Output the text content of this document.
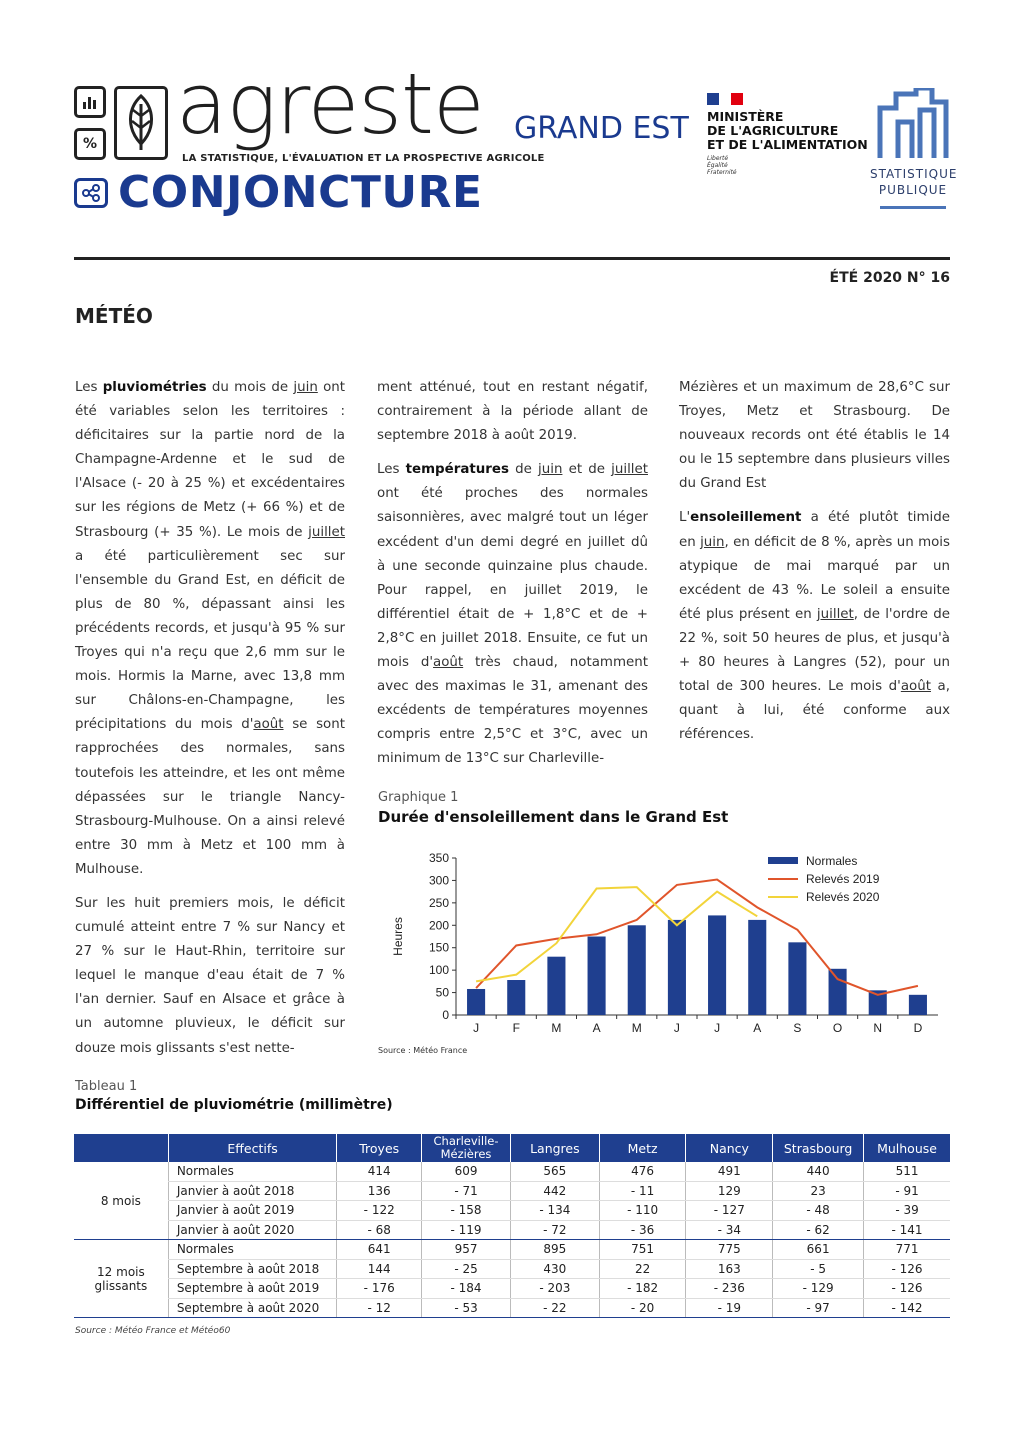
% agreste
LA STATISTIQUE, L'ÉVALUATION ET LA PROSPECTIVE AGRICOLE
CONJONCTURE
GRAND EST MINISTÈRE
DE L'AGRICULTURE
ET DE L'ALIMENTATION
Liberté
Égalité
Fraternité	STATISTIQUE
PUBLIQUE
ÉTÉ 2020 N° 16
MÉTÉO

Les pluviométries du mois de juin ont été variables selon les territoires : déficitaires sur la partie nord de la Champagne-Ardenne et le sud de l'Alsace (- 20 à 25 %) et excédentaires sur les régions de Metz (+ 66 %) et de Strasbourg (+ 35 %). Le mois de juillet a été particulièrement sec sur l'ensemble du Grand Est, en déficit de plus de 80 %, dépassant ainsi les précédents records, et jusqu'à 95 % sur Troyes qui n'a reçu que 2,6 mm sur le mois. Hormis la Marne, avec 13,8 mm sur Châlons-en-Champagne, les précipitations du mois d'août se sont rapprochées des normales, sans toutefois les atteindre, et les ont même dépassées sur le triangle Nancy-Strasbourg-Mulhouse. On a ainsi relevé entre 30 mm à Metz et 100 mm à Mulhouse.

Sur les huit premiers mois, le déficit cumulé atteint entre 7 % sur Nancy et 27 % sur le Haut-Rhin, territoire sur lequel le manque d'eau était de 7 % l'an dernier. Sauf en Alsace et grâce à un automne pluvieux, le déficit sur douze mois glissants s'est nette-

ment atténué, tout en restant négatif, contrairement à la période allant de septembre 2018 à août 2019.

Les températures de juin et de juillet ont été proches des normales saisonnières, avec malgré tout un léger excédent d'un demi degré en juillet dû à une seconde quinzaine plus chaude. Pour rappel, en juillet 2019, le différentiel était de + 1,8°C et de + 2,8°C en juillet 2018. Ensuite, ce fut un mois d'août très chaud, notamment avec des maximas le 31, amenant des excédents de températures moyennes compris entre 2,5°C et 3°C, avec un minimum de 13°C sur Charleville-

Mézières et un maximum de 28,6°C sur Troyes, Metz et Strasbourg. De nouveaux records ont été établis le 14 ou le 15 septembre dans plusieurs villes du Grand Est

L'ensoleillement a été plutôt timide en juin, en déficit de 8 %, après un mois atypique de mai marqué par un excédent de 43 %. Le soleil a ensuite été plus présent en juillet, de l'ordre de 22 %, soit 50 heures de plus, et jusqu'à + 80 heures à Langres (52), pour un total de 300 heures. Le mois d'août a, quant à lui, été conforme aux références.

Graphique 1
Durée d'ensoleillement dans le Grand Est
0
50
100
150
200
250
300
350
Heures
J	F	M	A	M	J	J	A	S	O	N	D
Normales
Relevés 2019
Relevés 2020
Source : Météo France
Tableau 1
Différentiel de pluviométrie (millimètre)
	Effectifs	Troyes	Charleville-Mézières	Langres	Metz	Nancy	Strasbourg	Mulhouse
8 mois	Normales	414	609	565	476	491	440	511
	Janvier à août 2018	136	- 71	442	- 11	129	23	- 91
	Janvier à août 2019	- 122	- 158	- 134	- 110	- 127	- 48	- 39
	Janvier à août 2020	- 68	- 119	- 72	- 36	- 34	- 62	- 141
12 mois glissants	Normales	641	957	895	751	775	661	771
	Septembre à août 2018	144	- 25	430	22	163	- 5	- 126
	Septembre à août 2019	- 176	- 184	- 203	- 182	- 236	- 129	- 126
	Septembre à août 2020	- 12	- 53	- 22	- 20	- 19	- 97	- 142
Source : Météo France et Météo60
